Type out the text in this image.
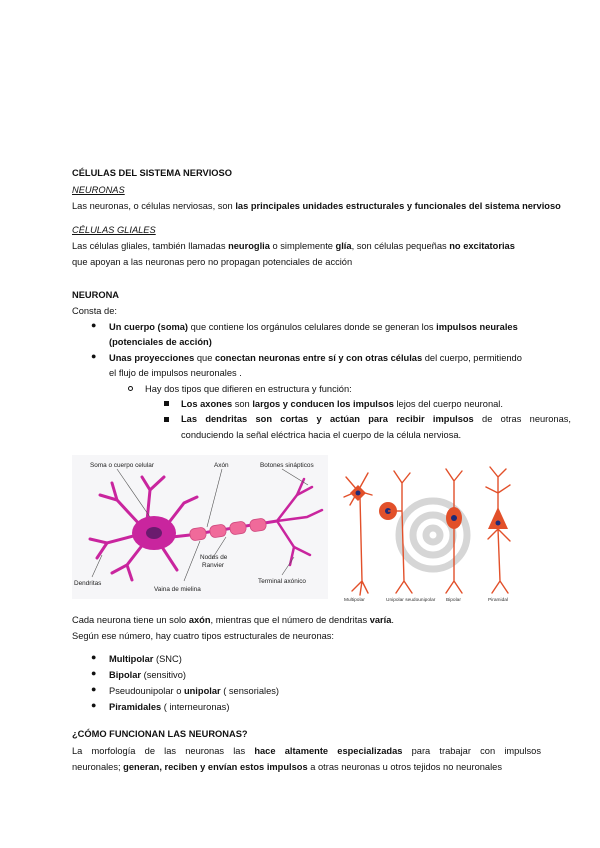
CÉLULAS DEL SISTEMA NERVIOSO
NEURONAS
Las neuronas, o células nerviosas, son las principales unidades estructurales y funcionales del sistema nervioso
CÉLULAS GLIALES
Las células gliales, también llamadas neuroglia o simplemente glía, son células pequeñas no excitatorias
que apoyan a las neuronas pero no propagan potenciales de acción
NEURONA
Consta de:
● Un cuerpo (soma) que contiene los orgánulos celulares donde se generan los impulsos neurales
(potenciales de acción)
● Unas proyecciones que conectan neuronas entre sí y con otras células del cuerpo, permitiendo
el flujo de impulsos neuronales .
Hay dos tipos que difieren en estructura y función:
Los axones son largos y conducen los impulsos lejos del cuerpo neuronal.
Las dendritas son cortas y actúan para recibir impulsos de otras neuronas,
conduciendo la señal eléctrica hacia el cuerpo de la célula nerviosa.
Soma o cuerpo celular	Axón	Botones sinápticos
Nodos de
Ranvier
Dendritas
Vaina de mielina
Terminal axónico
Multipolar	Unipolar seudounipolar Bipolar	Piramidal
Cada neurona tiene un solo axón, mientras que el número de dendritas varía.
Según ese número, hay cuatro tipos estructurales de neuronas:
● Multipolar (SNC)
● Bipolar (sensitivo)
● Pseudounipolar o unipolar ( sensoriales)
● Piramidales ( interneuronas)
¿CÓMO FUNCIONAN LAS NEURONAS?
La morfología de las neuronas las hace altamente especializadas para trabajar con impulsos
neuronales; generan, reciben y envían estos impulsos a otras neuronas u otros tejidos no neuronales
